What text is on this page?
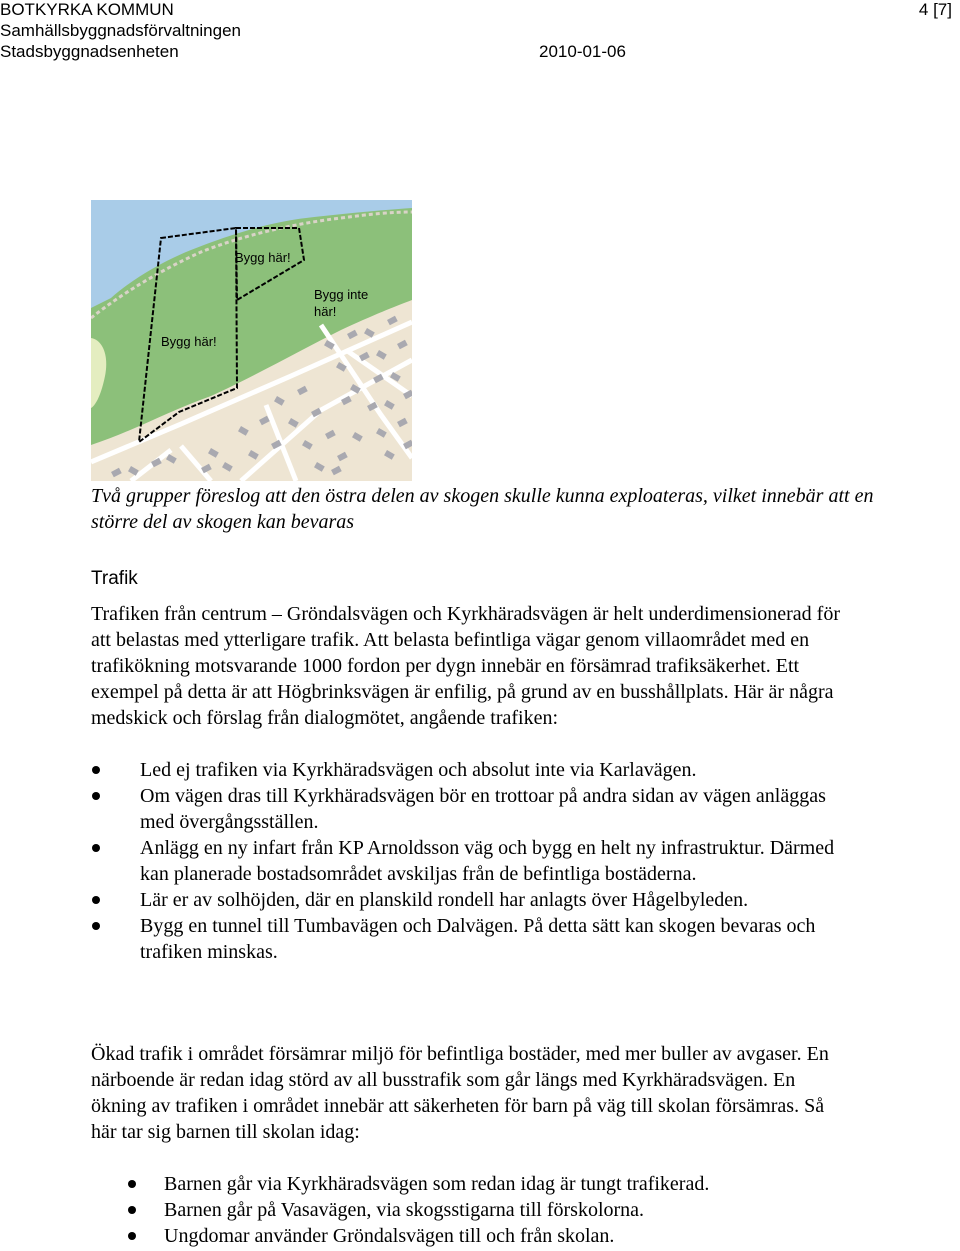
BOTKYRKA KOMMUN	4 [7]
Samhällsbyggnadsförvaltningen
Stadsbyggnadsenheten	2010-01-06
Bygg här!
Bygg inte
här!
Bygg här!
Två grupper föreslog att den östra delen av skogen skulle kunna exploateras, vilket innebär att en större del av skogen kan bevaras
Trafik
Trafiken från centrum – Gröndalsvägen och Kyrkhäradsvägen är helt underdimensionerad för att belastas med ytterligare trafik. Att belasta befintliga vägar genom villaområdet med en trafikökning motsvarande 1000 fordon per dygn innebär en försämrad trafiksäkerhet. Ett exempel på detta är att Högbrinksvägen är enfilig, på grund av en busshållplats. Här är några medskick och förslag från dialogmötet, angående trafiken:
Led ej trafiken via Kyrkhäradsvägen och absolut inte via Karlavägen.
Om vägen dras till Kyrkhäradsvägen bör en trottoar på andra sidan av vägen anläggas med övergångsställen.
Anlägg en ny infart från KP Arnoldsson väg och bygg en helt ny infrastruktur. Därmed kan planerade bostadsområdet avskiljas från de befintliga bostäderna.
Lär er av solhöjden, där en planskild rondell har anlagts över Hågelbyleden.
Bygg en tunnel till Tumbavägen och Dalvägen. På detta sätt kan skogen bevaras och trafiken minskas.
Ökad trafik i området försämrar miljö för befintliga bostäder, med mer buller av avgaser. En närboende är redan idag störd av all busstrafik som går längs med Kyrkhäradsvägen. En ökning av trafiken i området innebär att säkerheten för barn på väg till skolan försämras. Så här tar sig barnen till skolan idag:
Barnen går via Kyrkhäradsvägen som redan idag är tungt trafikerad.
Barnen går på Vasavägen, via skogsstigarna till förskolorna.
Ungdomar använder Gröndalsvägen till och från skolan.
